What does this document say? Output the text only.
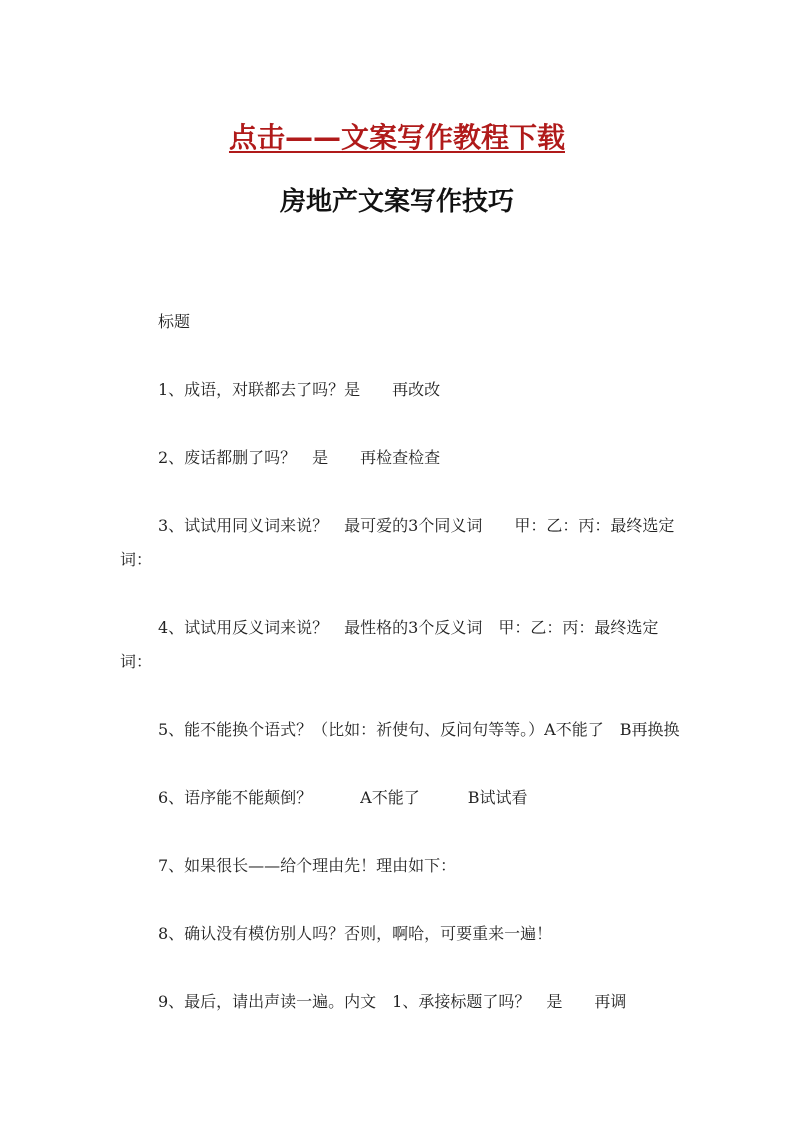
点击——文案写作教程下载
房地产文案写作技巧

标题

1、成语，对联都去了吗？是　　再改改

2、废话都删了吗？　是　　再检查检查

3、试试用同义词来说？　最可爱的3个同义词　　甲：乙：丙：最终选定词：

4、试试用反义词来说？　最性格的3个反义词　甲：乙：丙：最终选定词：

5、能不能换个语式？（比如：祈使句、反问句等等。）A不能了　B再换换

6、语序能不能颠倒？　　　A不能了　　　B试试看

7、如果很长——给个理由先！理由如下：

8、确认没有模仿别人吗？否则，啊哈，可要重来一遍！

9、最后，请出声读一遍。内文　1、承接标题了吗？　是　　再调
